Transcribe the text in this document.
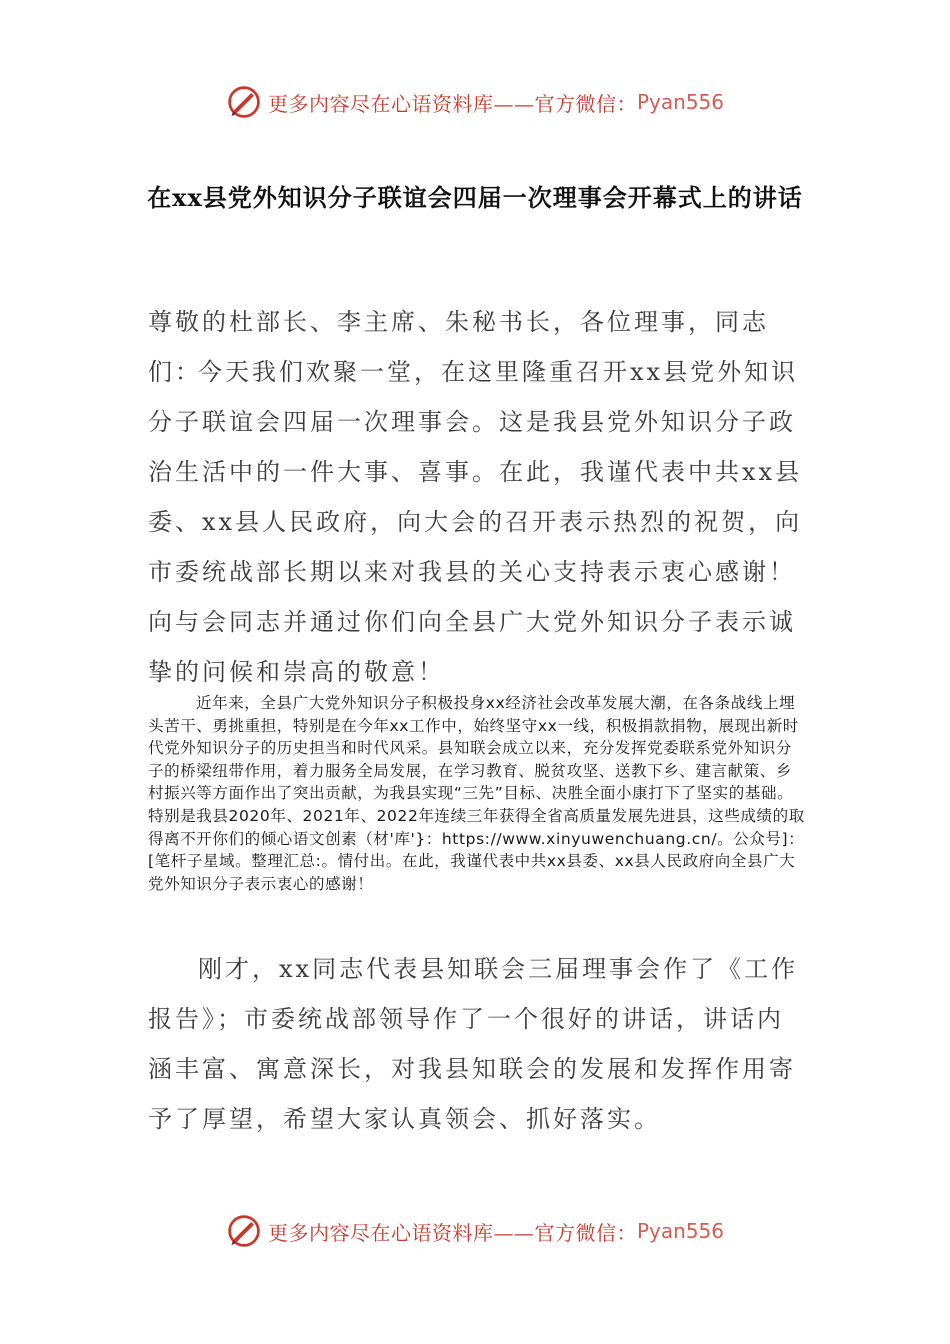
更多内容尽在心语资料库——官方微信： Pyan556
在xx县党外知识分子联谊会四届一次理事会开幕式上的讲话

尊敬的杜部长、李主席、朱秘书长，各位理事，同志们：

今天我们欢聚一堂，在这里隆重召开xx县党外知识分子联谊会四届一次理事会。这是我县党外知识分子政治生活中的一件大事、喜事。在此，我谨代表中共xx县委、xx县人民政府，向大会的召开表示热烈的祝贺，向市委统战部长期以来对我县的关心支持表示衷心感谢！向与会同志并通过你们向全县广大党外知识分子表示诚挚的问候和崇高的敬意！

近年来，全县广大党外知识分子积极投身xx经济社会改革发展大潮，在各条战线上埋头苦干、勇挑重担，特别是在今年xx工作中，始终坚守xx一线，积极捐款捐物，展现出新时代党外知识分子的历史担当和时代风采。县知联会成立以来，充分发挥党委联系党外知识分子的桥梁纽带作用，着力服务全局发展，在学习教育、脱贫攻坚、送教下乡、建言献策、乡村振兴等方面作出了突出贡献，为我县实现“三先”目标、决胜全面小康打下了坚实的基础。特别是我县2020年、2021年、2022年连续三年获得全省高质量发展先进县，这些成绩的取得离不开你们的倾心语文创素（材'库'}：https://www.xinyuwenchuang.cn/。公众号]：[笔杆子星域。整理汇总:。情付出。在此，我谨代表中共xx县委、xx县人民政府向全县广大党外知识分子表示衷心的感谢！

刚才，xx同志代表县知联会三届理事会作了《工作报告》；市委统战部领导作了一个很好的讲话，讲话内涵丰富、寓意深长，对我县知联会的发展和发挥作用寄予了厚望，希望大家认真领会、抓好落实。

更多内容尽在心语资料库——官方微信： Pyan556
